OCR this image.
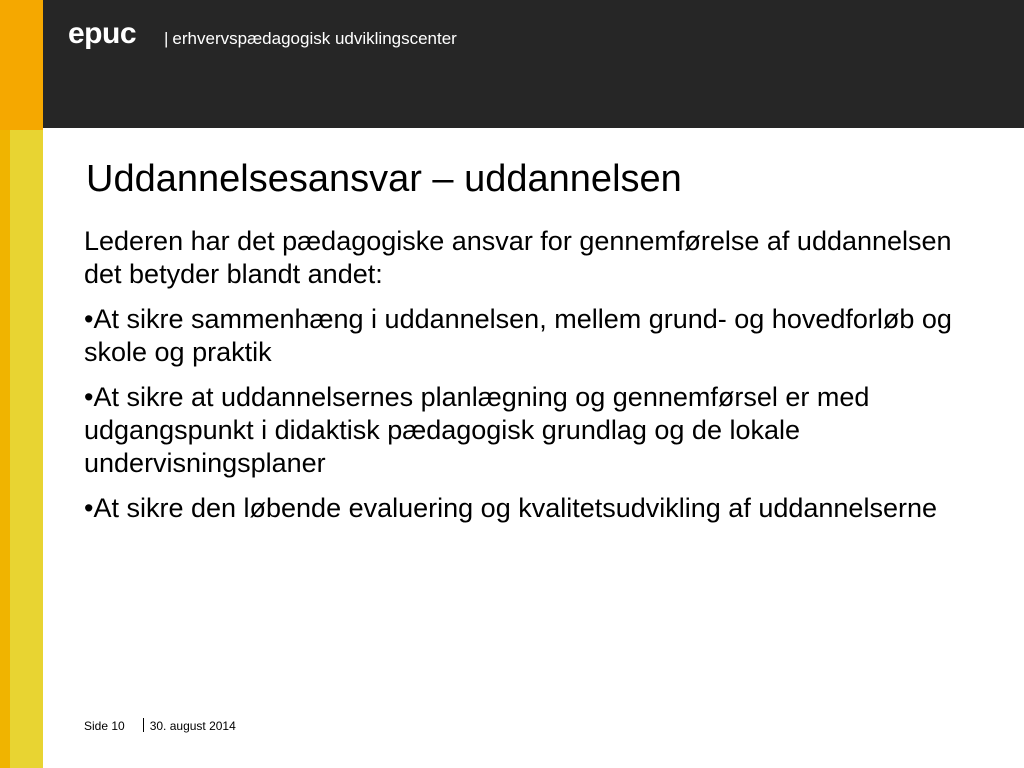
epuc | erhvervspædagogisk udviklingscenter
Uddannelsesansvar – uddannelsen

Lederen har det pædagogiske ansvar for gennemførelse af uddannelsen det betyder blandt andet:

•At sikre sammenhæng i uddannelsen, mellem grund- og hovedforløb og skole og praktik

•At sikre at uddannelsernes planlægning og gennemførsel er med udgangspunkt i didaktisk pædagogisk grundlag og de lokale undervisningsplaner

•At sikre den løbende evaluering og kvalitetsudvikling af uddannelserne

Side 10 30. august 2014
